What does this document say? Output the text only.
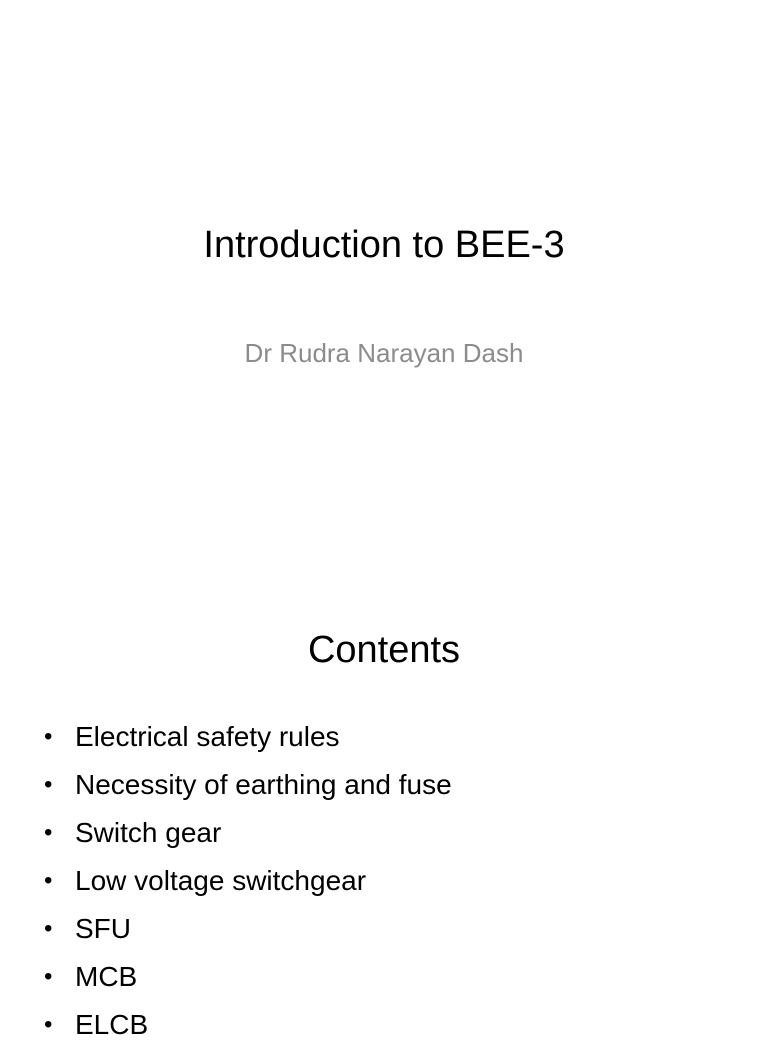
Introduction to BEE-3
Dr Rudra Narayan Dash
Contents
• Electrical safety rules
• Necessity of earthing and fuse
• Switch gear
• Low voltage switchgear
• SFU
• MCB
• ELCB
